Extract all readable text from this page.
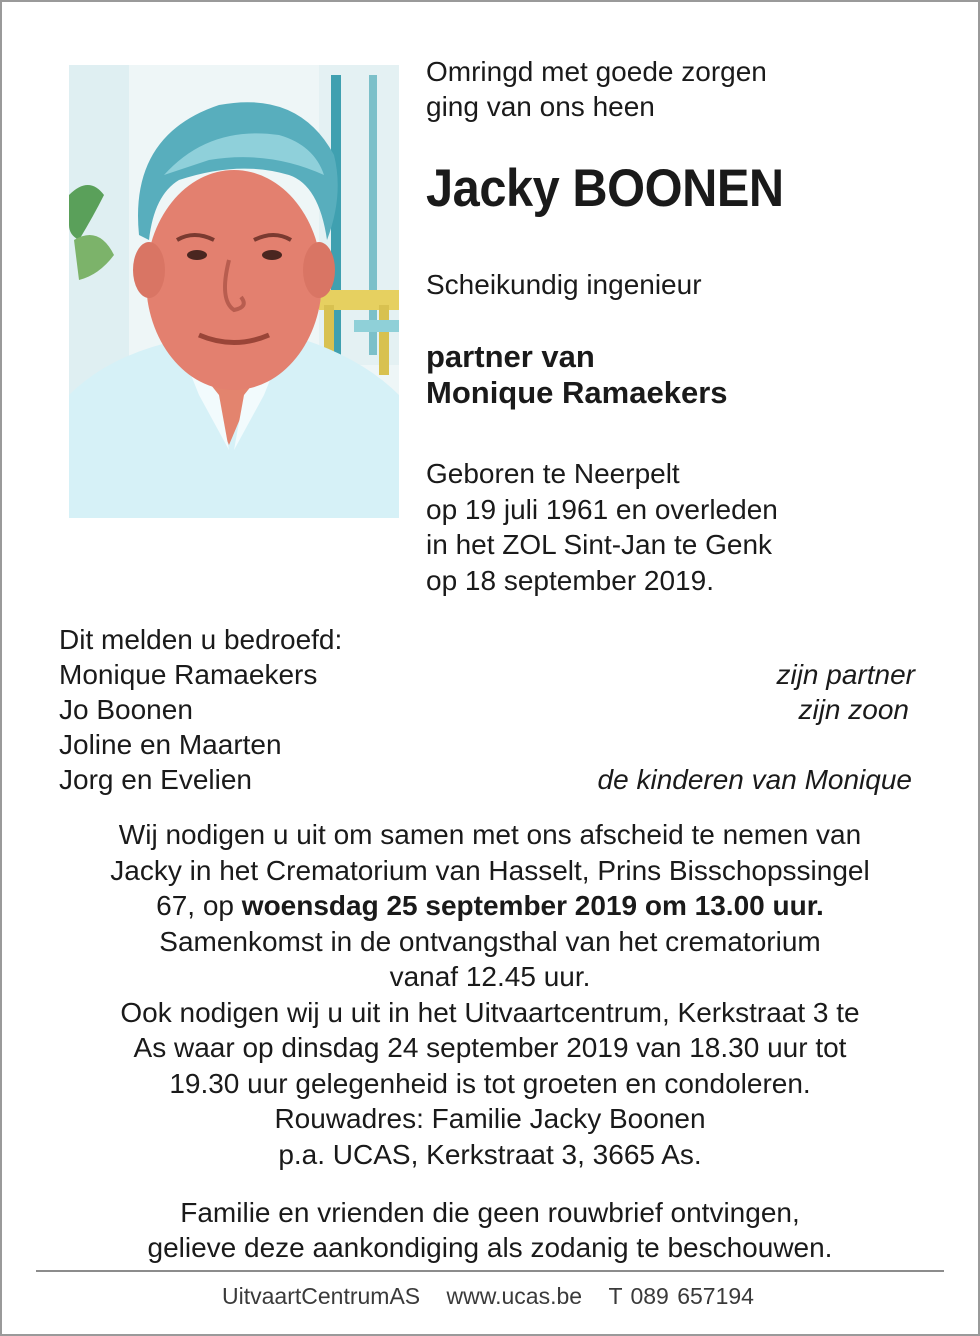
Omringd met goede zorgen

ging van ons heen

Jacky BOONEN
Scheikundig ingenieur

partner van

Monique Ramaekers

Geboren te Neerpelt

op 19 juli 1961 en overleden

in het ZOL Sint-Jan te Genk

op 18 september 2019.

Dit melden u bedroefd:
Monique Ramaekers	zijn partner
Jo Boonen	zijn zoon
Joline en Maarten
Jorg en Evelien	de kinderen van Monique

Wij nodigen u uit om samen met ons afscheid te nemen van

Jacky in het Crematorium van Hasselt, Prins Bisschopssingel

67, op woensdag 25 september 2019 om 13.00 uur.

Samenkomst in de ontvangsthal van het crematorium

vanaf 12.45 uur.

Ook nodigen wij u uit in het Uitvaartcentrum, Kerkstraat 3 te

As waar op dinsdag 24 september 2019 van 18.30 uur tot

19.30 uur gelegenheid is tot groeten en condoleren.

Rouwadres: Familie Jacky Boonen

p.a. UCAS, Kerkstraat 3, 3665 As.

Familie en vrienden die geen rouwbrief ontvingen,

gelieve deze aankondiging als zodanig te beschouwen.

UitvaartCentrumAS www.ucas.be T 089 657194
